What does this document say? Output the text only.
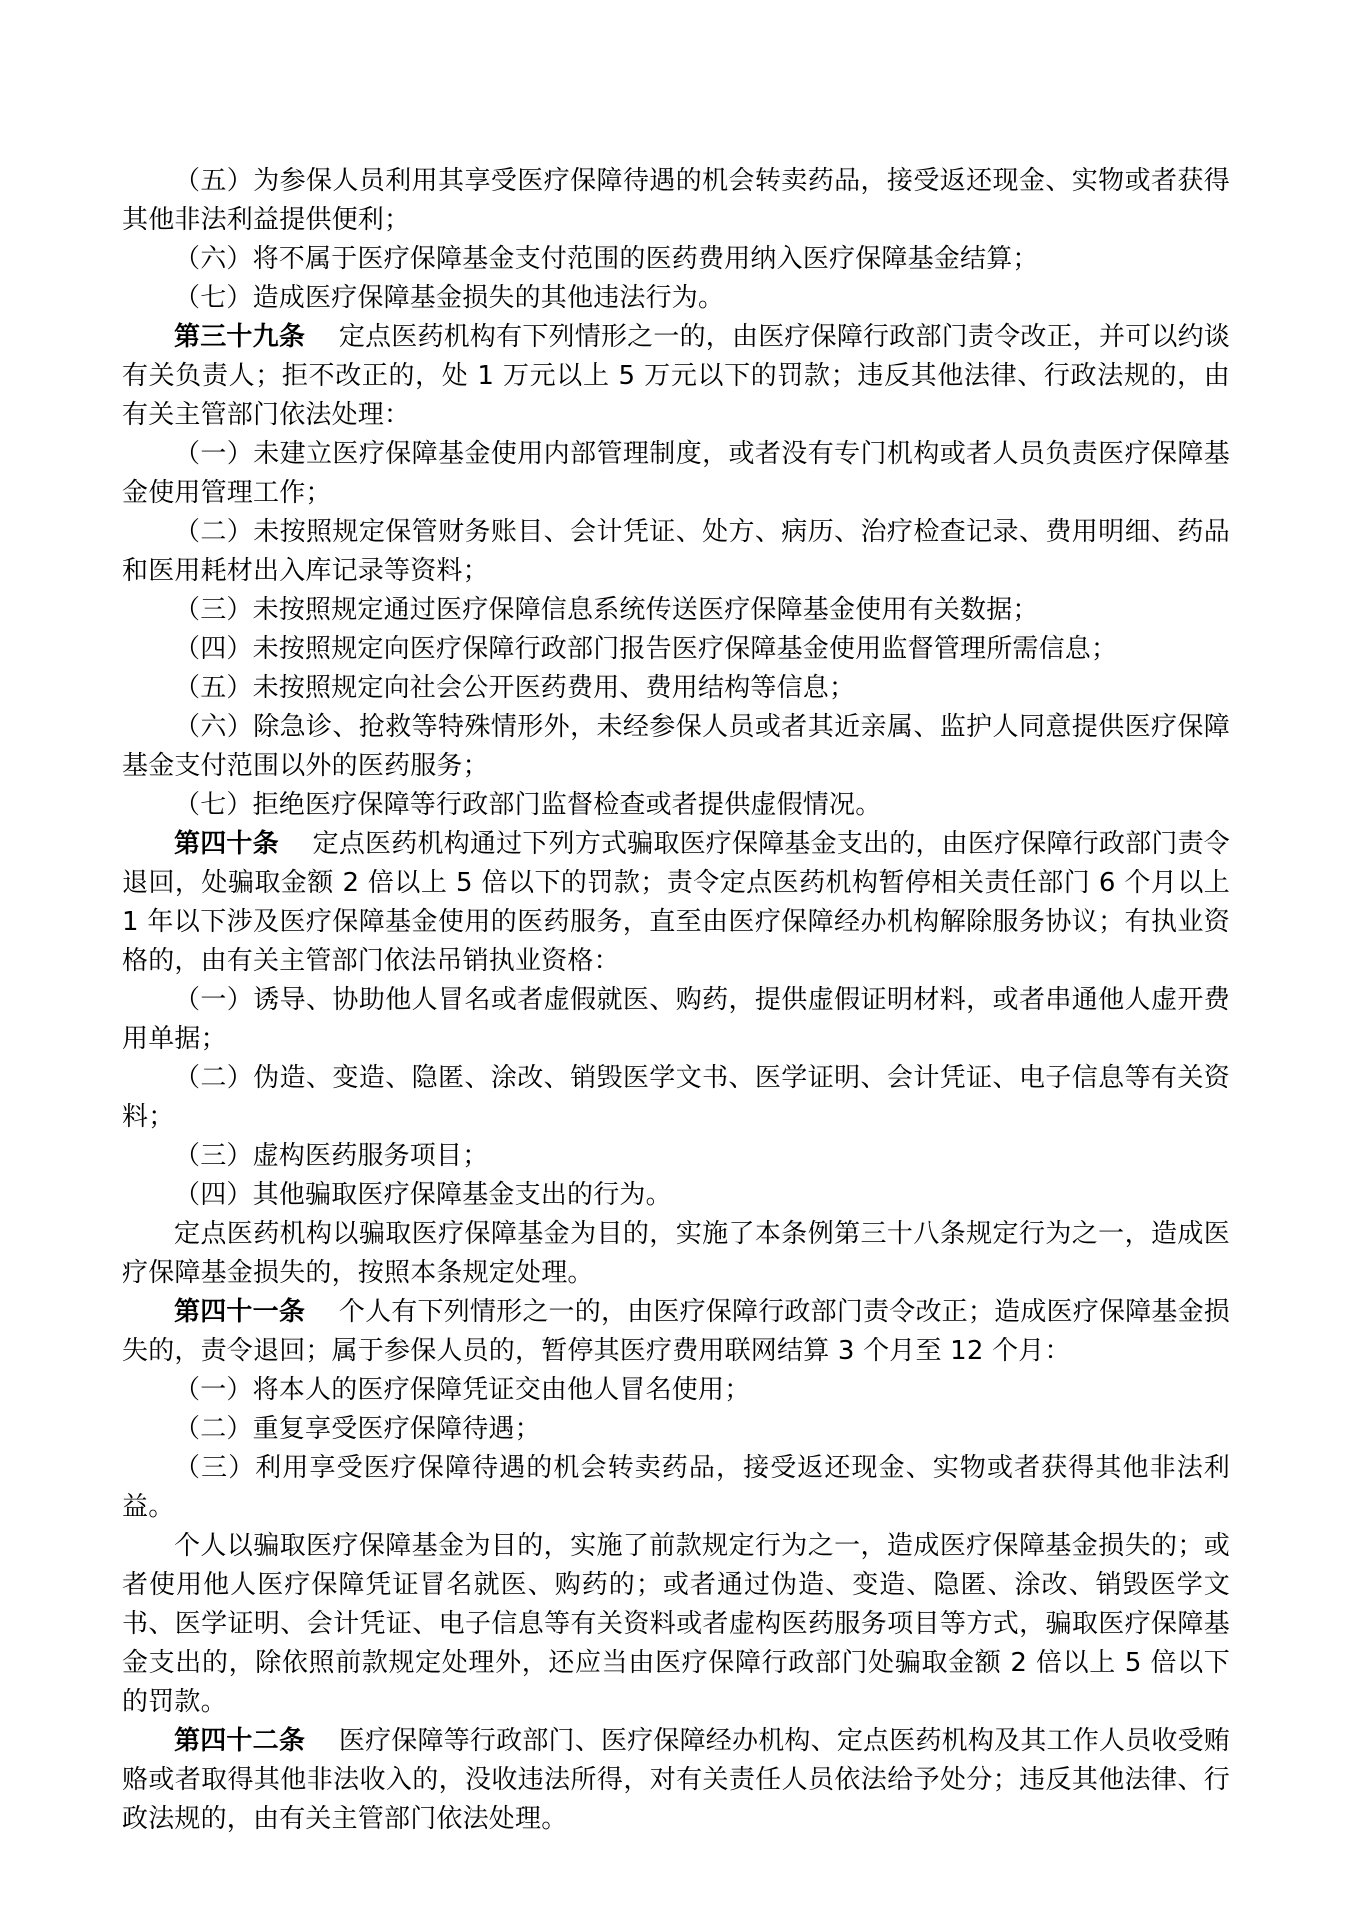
（五）为参保人员利用其享受医疗保障待遇的机会转卖药品，接受返还现金、实物或者获得其他非法利益提供便利；

（六）将不属于医疗保障基金支付范围的医药费用纳入医疗保障基金结算；

（七）造成医疗保障基金损失的其他违法行为。

第三十九条 定点医药机构有下列情形之一的，由医疗保障行政部门责令改正，并可以约谈有关负责人；拒不改正的，处 1 万元以上 5 万元以下的罚款；违反其他法律、行政法规的，由有关主管部门依法处理：

（一）未建立医疗保障基金使用内部管理制度，或者没有专门机构或者人员负责医疗保障基金使用管理工作；

（二）未按照规定保管财务账目、会计凭证、处方、病历、治疗检查记录、费用明细、药品和医用耗材出入库记录等资料；

（三）未按照规定通过医疗保障信息系统传送医疗保障基金使用有关数据；

（四）未按照规定向医疗保障行政部门报告医疗保障基金使用监督管理所需信息；

（五）未按照规定向社会公开医药费用、费用结构等信息；

（六）除急诊、抢救等特殊情形外，未经参保人员或者其近亲属、监护人同意提供医疗保障基金支付范围以外的医药服务；

（七）拒绝医疗保障等行政部门监督检查或者提供虚假情况。

第四十条 定点医药机构通过下列方式骗取医疗保障基金支出的，由医疗保障行政部门责令退回，处骗取金额 2 倍以上 5 倍以下的罚款；责令定点医药机构暂停相关责任部门 6 个月以上 1 年以下涉及医疗保障基金使用的医药服务，直至由医疗保障经办机构解除服务协议；有执业资格的，由有关主管部门依法吊销执业资格：

（一）诱导、协助他人冒名或者虚假就医、购药，提供虚假证明材料，或者串通他人虚开费用单据；

（二）伪造、变造、隐匿、涂改、销毁医学文书、医学证明、会计凭证、电子信息等有关资料；

（三）虚构医药服务项目；

（四）其他骗取医疗保障基金支出的行为。

定点医药机构以骗取医疗保障基金为目的，实施了本条例第三十八条规定行为之一，造成医疗保障基金损失的，按照本条规定处理。

第四十一条 个人有下列情形之一的，由医疗保障行政部门责令改正；造成医疗保障基金损失的，责令退回；属于参保人员的，暂停其医疗费用联网结算 3 个月至 12 个月：

（一）将本人的医疗保障凭证交由他人冒名使用；

（二）重复享受医疗保障待遇；

（三）利用享受医疗保障待遇的机会转卖药品，接受返还现金、实物或者获得其他非法利益。

个人以骗取医疗保障基金为目的，实施了前款规定行为之一，造成医疗保障基金损失的；或者使用他人医疗保障凭证冒名就医、购药的；或者通过伪造、变造、隐匿、涂改、销毁医学文书、医学证明、会计凭证、电子信息等有关资料或者虚构医药服务项目等方式，骗取医疗保障基金支出的，除依照前款规定处理外，还应当由医疗保障行政部门处骗取金额 2 倍以上 5 倍以下的罚款。

第四十二条 医疗保障等行政部门、医疗保障经办机构、定点医药机构及其工作人员收受贿赂或者取得其他非法收入的，没收违法所得，对有关责任人员依法给予处分；违反其他法律、行政法规的，由有关主管部门依法处理。
